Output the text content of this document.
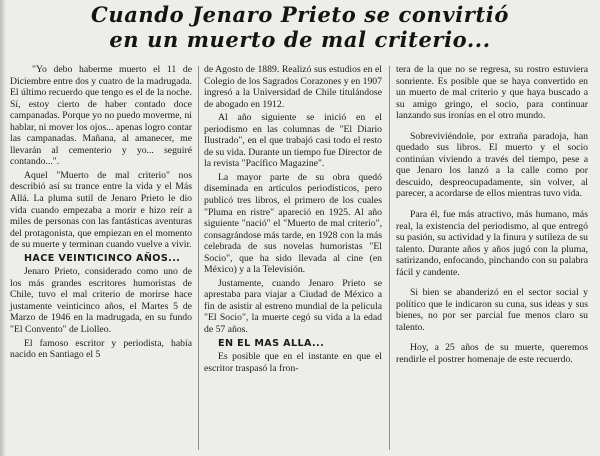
Cuando Jenaro Prieto se convirtió
en un muerto de mal criterio...

"Yo debo haberme muerto el 11 de Diciembre entre dos y cuatro de la madrugada. El último recuerdo que tengo es el de la noche. Sí, estoy cierto de haber contado doce campanadas. Porque yo no puedo moverme, ni hablar, ni mover los ojos... apenas logro contar las campanadas. Mañana, al amanecer, me llevarán al cementerio y yo... seguiré contando...".

Aquel "Muerto de mal criterio" nos describió así su trance entre la vida y el Más Allá. La pluma sutil de Jenaro Prieto le dio vida cuando empezaba a morir e hizo reír a miles de personas con las fantásticas aventuras del protagonista, que empiezan en el momento de su muerte y terminan cuando vuelve a vivir.

HACE VEINTICINCO AÑOS...

Jenaro Prieto, considerado como uno de los más grandes escritores humoristas de Chile, tuvo el mal criterio de morirse hace justamente veinticinco años, el Martes 5 de Marzo de 1946 en la madrugada, en su fundo "El Convento" de Liolleo.

El famoso escritor y periodista, había nacido en Santiago el 5

de Agosto de 1889. Realizó sus estudios en el Colegio de los Sagrados Corazones y en 1907 ingresó a la Universidad de Chile titulándose de abogado en 1912.

Al año siguiente se inició en el periodismo en las columnas de "El Diario Ilustrado", en el que trabajó casi todo el resto de su vida. Durante un tiempo fue Director de la revista "Pacífico Magazine".

La mayor parte de su obra quedó diseminada en artículos periodísticos, pero publicó tres libros, el primero de los cuales "Pluma en ristre" apareció en 1925. Al año siguiente "nació" el "Muerto de mal criterio", consagrándose más tarde, en 1928 con la más celebrada de sus novelas humoristas "El Socio", que ha sido llevada al cine (en México) y a la Televisión.

Justamente, cuando Jenaro Prieto se aprestaba para viajar a Ciudad de México a fin de asistir al estreno mundial de la película "El Socio", la muerte cegó su vida a la edad de 57 años.

EN EL MAS ALLA...

Es posible que en el instante en que el escritor traspasó la fron-

tera de la que no se regresa, su rostro estuviera sonriente. Es posible que se haya convertido en un muerto de mal criterio y que haya buscado a su amigo gringo, el socio, para continuar lanzando sus ironías en el otro mundo.

Sobreviviéndole, por extraña paradoja, han quedado sus libros. El muerto y el socio continúan viviendo a través del tiempo, pese a que Jenaro los lanzó a la calle como por descuido, despreocupadamente, sin volver, al parecer, a acordarse de ellos mientras tuvo vida.

Para él, fue más atractivo, más humano, más real, la existencia del periodismo, al que entregó su pasión, su actividad y la finura y sutileza de su talento. Durante años y años jugó con la pluma, satirizando, enfocando, pinchando con su palabra fácil y candente.

Si bien se abanderizó en el sector social y político que le indicaron su cuna, sus ideas y sus bienes, no por ser parcial fue menos claro su talento.

Hoy, a 25 años de su muerte, queremos rendirle el postrer homenaje de este recuerdo.
